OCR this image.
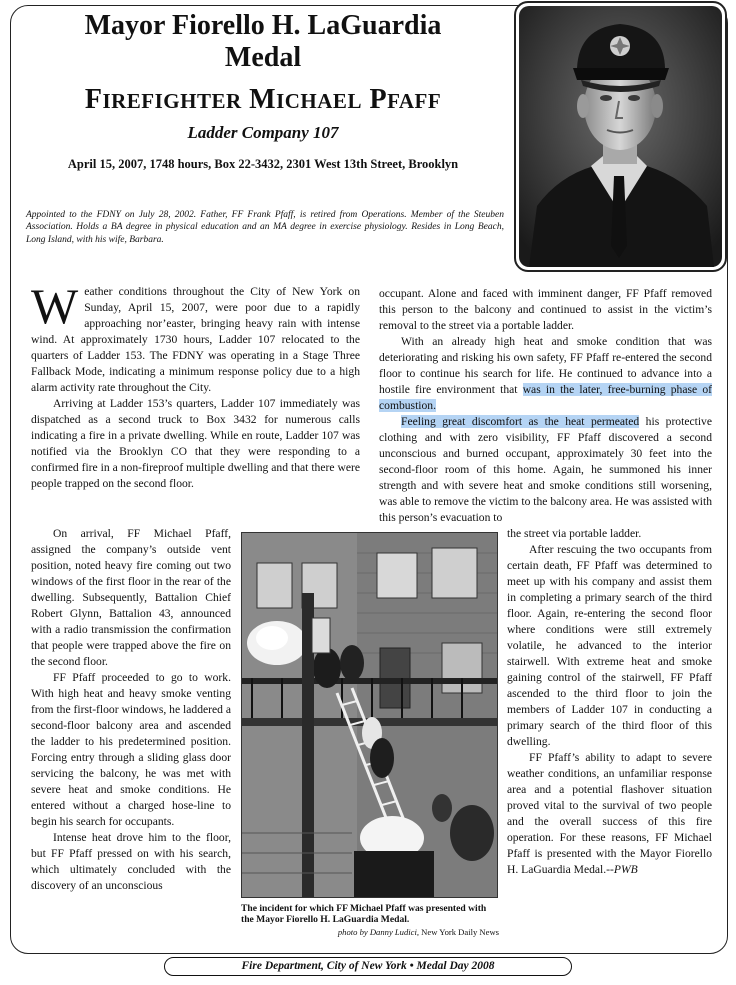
Mayor Fiorello H. LaGuardia
Medal
FIREFIGHTER MICHAEL PFAFF
Ladder Company 107
April 15, 2007, 1748 hours, Box 22-3432, 2301 West 13th Street, Brooklyn
Appointed to the FDNY on July 28, 2002. Father, FF Frank Pfaff, is retired from Operations. Member of the Steuben Association. Holds a BA degree in physical education and an MA degree in exercise physiology. Resides in Long Beach, Long Island, with his wife, Barbara.

Weather conditions throughout the City of New York on Sunday, April 15, 2007, were poor due to a rapidly approaching nor’easter, bringing heavy rain with intense wind. At approximately 1730 hours, Ladder 107 relocated to the quarters of Ladder 153. The FDNY was operating in a Stage Three Fallback Mode, indicating a minimum response policy due to a high alarm activity rate throughout the City.

Arriving at Ladder 153’s quarters, Ladder 107 immediately was dispatched as a second truck to Box 3432 for numerous calls indicating a fire in a private dwelling. While en route, Ladder 107 was notified via the Brooklyn CO that they were responding to a confirmed fire in a non-fireproof multiple dwelling and that there were people trapped on the second floor.

On arrival, FF Michael Pfaff, assigned the company’s outside vent position, noted heavy fire coming out two windows of the first floor in the rear of the dwelling. Subsequently, Battalion Chief Robert Glynn, Battalion 43, announced with a radio transmission the confirmation that people were trapped above the fire on the second floor.

FF Pfaff proceeded to go to work. With high heat and heavy smoke venting from the first-floor windows, he laddered a second-floor balcony area and ascended the ladder to his predetermined position. Forcing entry through a sliding glass door servicing the balcony, he was met with severe heat and smoke conditions. He entered without a charged hose-line to begin his search for occupants.

Intense heat drove him to the floor, but FF Pfaff pressed on with his search, which ultimately concluded with the discovery of an unconscious

occupant. Alone and faced with imminent danger, FF Pfaff removed this person to the balcony and continued to assist in the victim’s removal to the street via a portable ladder.

With an already high heat and smoke condition that was deteriorating and risking his own safety, FF Pfaff re-entered the second floor to continue his search for life. He continued to advance into a hostile fire environment that was in the later, free-burning phase of combustion.

Feeling great discomfort as the heat permeated his protective clothing and with zero visibility, FF Pfaff discovered a second unconscious and burned occupant, approximately 30 feet into the second-floor room of this home. Again, he summoned his inner strength and with severe heat and smoke conditions still worsening, was able to remove the victim to the balcony area. He was assisted with this person’s evacuation to

the street via portable ladder.

After rescuing the two occupants from certain death, FF Pfaff was determined to meet up with his company and assist them in completing a primary search of the third floor. Again, re-entering the second floor where conditions were still extremely volatile, he advanced to the interior stairwell. With extreme heat and smoke gaining control of the stairwell, FF Pfaff ascended to the third floor to join the members of Ladder 107 in conducting a primary search of the third floor of this dwelling.

FF Pfaff’s ability to adapt to severe weather conditions, an unfamiliar response area and a potential flashover situation proved vital to the survival of two people and the overall success of this fire operation. For these reasons, FF Michael Pfaff is presented with the Mayor Fiorello H. LaGuardia Medal.--PWB

The incident for which FF Michael Pfaff was presented with the Mayor Fiorello H. LaGuardia Medal.
photo by Danny Ludici, New York Daily News
Fire Department, City of New York • Medal Day 2008
